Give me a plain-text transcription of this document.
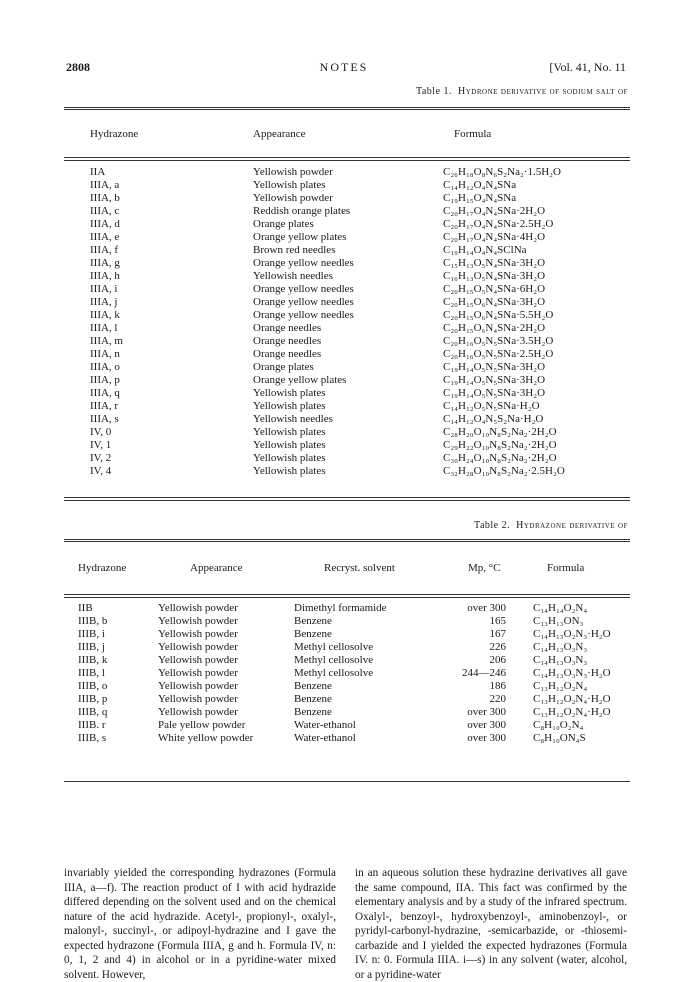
2808	NOTES	[Vol. 41, No. 11
Table 1. Hydrone derivative of sodium salt of
Hydrazone	Appearance	Formula
IIA	Yellowish powder	C₂₆H₁₈O₈N₆S₂Na₂·1.5H₂O
IIIA, a	Yellowish plates	C₁₄H₁₂O₄N₄SNa
IIIA, b	Yellowish powder	C₁₉H₁₅O₄N₄SNa
IIIA, c	Reddish orange plates	C₂₀H₁₇O₄N₄SNa·2H₂O
IIIA, d	Orange plates	C₂₀H₁₇O₄N₄SNa·2.5H₂O
IIIA, e	Orange yellow plates	C₂₀H₁₇O₄N₄SNa·4H₂O
IIIA, f	Brown red needles	C₁₉H₁₄O₄N₄SClNa
IIIA, g	Orange yellow needles	C₁₅H₁₃O₅N₄SNa·3H₂O
IIIA, h	Yellowish needles	C₁₆H₁₃O₅N₄SNa·3H₂O
IIIA, i	Orange yellow needles	C₂₀H₁₅O₅N₄SNa·6H₂O
IIIA, j	Orange yellow needles	C₂₀H₁₅O₆N₄SNa·3H₂O
IIIA, k	Orange yellow needles	C₂₀H₁₅O₆N₄SNa·5.5H₂O
IIIA, l	Orange needles	C₂₀H₁₅O₆N₄SNa·2H₂O
IIIA, m	Orange needles	C₂₀H₁₆O₅N₅SNa·3.5H₂O
IIIA, n	Orange needles	C₂₀H₁₆O₅N₅SNa·2.5H₂O
IIIA, o	Orange plates	C₁₉H₁₄O₅N₅SNa·3H₂O
IIIA, p	Orange yellow plates	C₁₉H₁₄O₅N₅SNa·3H₂O
IIIA, q	Yellowish plates	C₁₉H₁₄O₅N₅SNa·3H₂O
IIIA, r	Yellowish plates	C₁₄H₁₂O₅N₅SNa·H₂O
IIIA, s	Yellowish needles	C₁₄H₁₂O₄N₅S₂Na·H₂O
IV, 0	Yellowish plates	C₂₈H₂₀O₁₀N₈S₂Na₂·2H₂O
IV, 1	Yellowish plates	C₂₉H₂₂O₁₀N₈S₂Na₂·2H₂O
IV, 2	Yellowish plates	C₃₀H₂₄O₁₀N₈S₂Na₂·2H₂O
IV, 4	Yellowish plates	C₃₂H₂₈O₁₀N₈S₂Na₂·2.5H₂O
Table 2. Hydrazone derivative of
Hydrazone	Appearance	Recryst. solvent	Mp, °C	Formula
IIB	Yellowish powder	Dimethyl formamide	over 300 C₁₄H₁₄O₂N₄
IIIB, b	Yellowish powder	Benzene	165 C₁₃H₁₃ON₃
IIIB, i	Yellowish powder	Benzene	167 C₁₄H₁₃O₂N₃·H₂O
IIIB, j	Yellowish powder	Methyl cellosolve	226 C₁₄H₁₃O₃N₃
IIIB, k	Yellowish powder	Methyl cellosolve	206 C₁₄H₁₃O₃N₃
IIIB, l	Yellowish powder	Methyl cellosolve	244—246 C₁₄H₁₃O₃N₃·H₂O
IIIB, o	Yellowish powder	Benzene	186 C₁₃H₁₂O₂N₄
IIIB, p	Yellowish powder	Benzene	220 C₁₃H₁₂O₂N₄·H₂O
IIIB, q	Yellowish powder	Benzene	over 300 C₁₃H₁₂O₂N₄·H₂O
IIIB. r	Pale yellow powder	Water-ethanol	over 300 C₈H₁₀O₂N₄
IIIB, s	White yellow powder	Water-ethanol	over 300 C₈H₁₀ON₄S

invariably yielded the corresponding hydrazones (Formula IIIA, a—f). The reaction product of I with acid hydrazide differed depending on the solvent used and on the chemical nature of the acid hydrazide. Acetyl-, propionyl-, oxalyl-, malonyl-, succinyl-, or adipoyl-hydrazine and I gave the expected hydrazone (Formula IIIA, g and h. Formula IV, n: 0, 1, 2 and 4) in alcohol or in a pyridine-water mixed solvent. However,

in an aqueous solution these hydrazine derivatives all gave the same compound, IIA. This fact was confirmed by the elementary analysis and by a study of the infrared spectrum. Oxalyl-, benzoyl-, hydroxybenzoyl-, aminobenzoyl-, or pyridyl-carbonyl-hydrazine, -semicarbazide, or -thiosemi-carbazide and I yielded the expected hydrazones (Formula IV. n: 0. Formula IIIA. i—s) in any solvent (water, alcohol, or a pyridine-water
